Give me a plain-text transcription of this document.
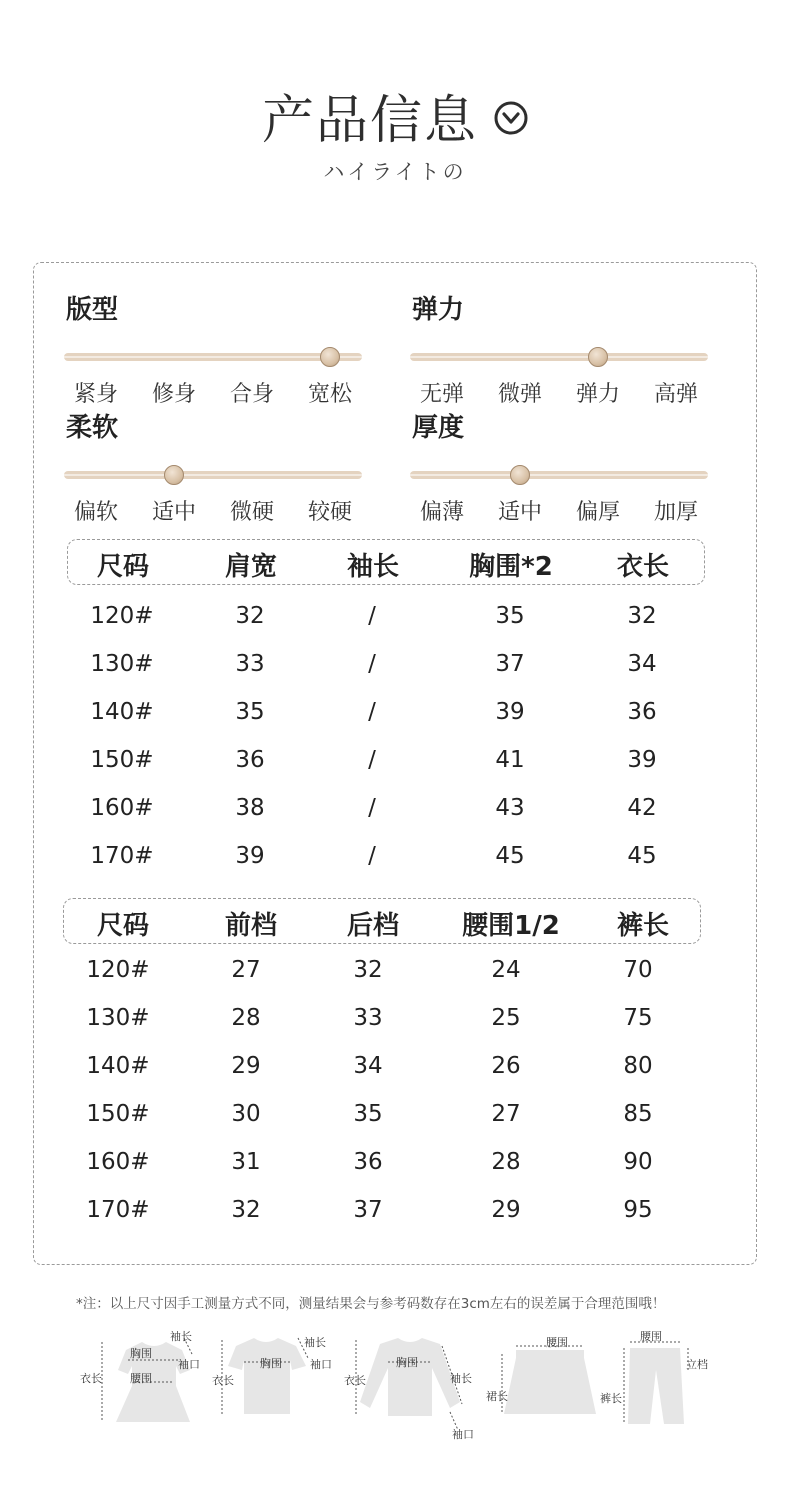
产品信息
ハイライトの
版型
紧身	修身	合身	宽松
弹力
无弹	微弹	弹力	高弹
柔软
偏软	适中	微硬	较硬
厚度
偏薄	适中	偏厚	加厚
尺码	肩宽	袖长	胸围*2	衣长
尺码	前档	后档	腰围1/2	裤长
*注：以上尺寸因手工测量方式不同，测量结果会与参考码数存在3cm左右的误差属于合理范围哦！
袖长
胸围
袖口
衣长	腰围
袖长
胸围	袖口
衣长
胸围
衣长	袖长
袖口
腰围
裙长
腰围
立档
裤长
120#	32	/	35	32
130#	33	/	37	34
140#	35	/	39	36
150#	36	/	41	39
160#	38	/	43	42
170#	39	/	45	45
120#	27	32	24	70
130#	28	33	25	75
140#	29	34	26	80
150#	30	35	27	85
160#	31	36	28	90
170#	32	37	29	95
